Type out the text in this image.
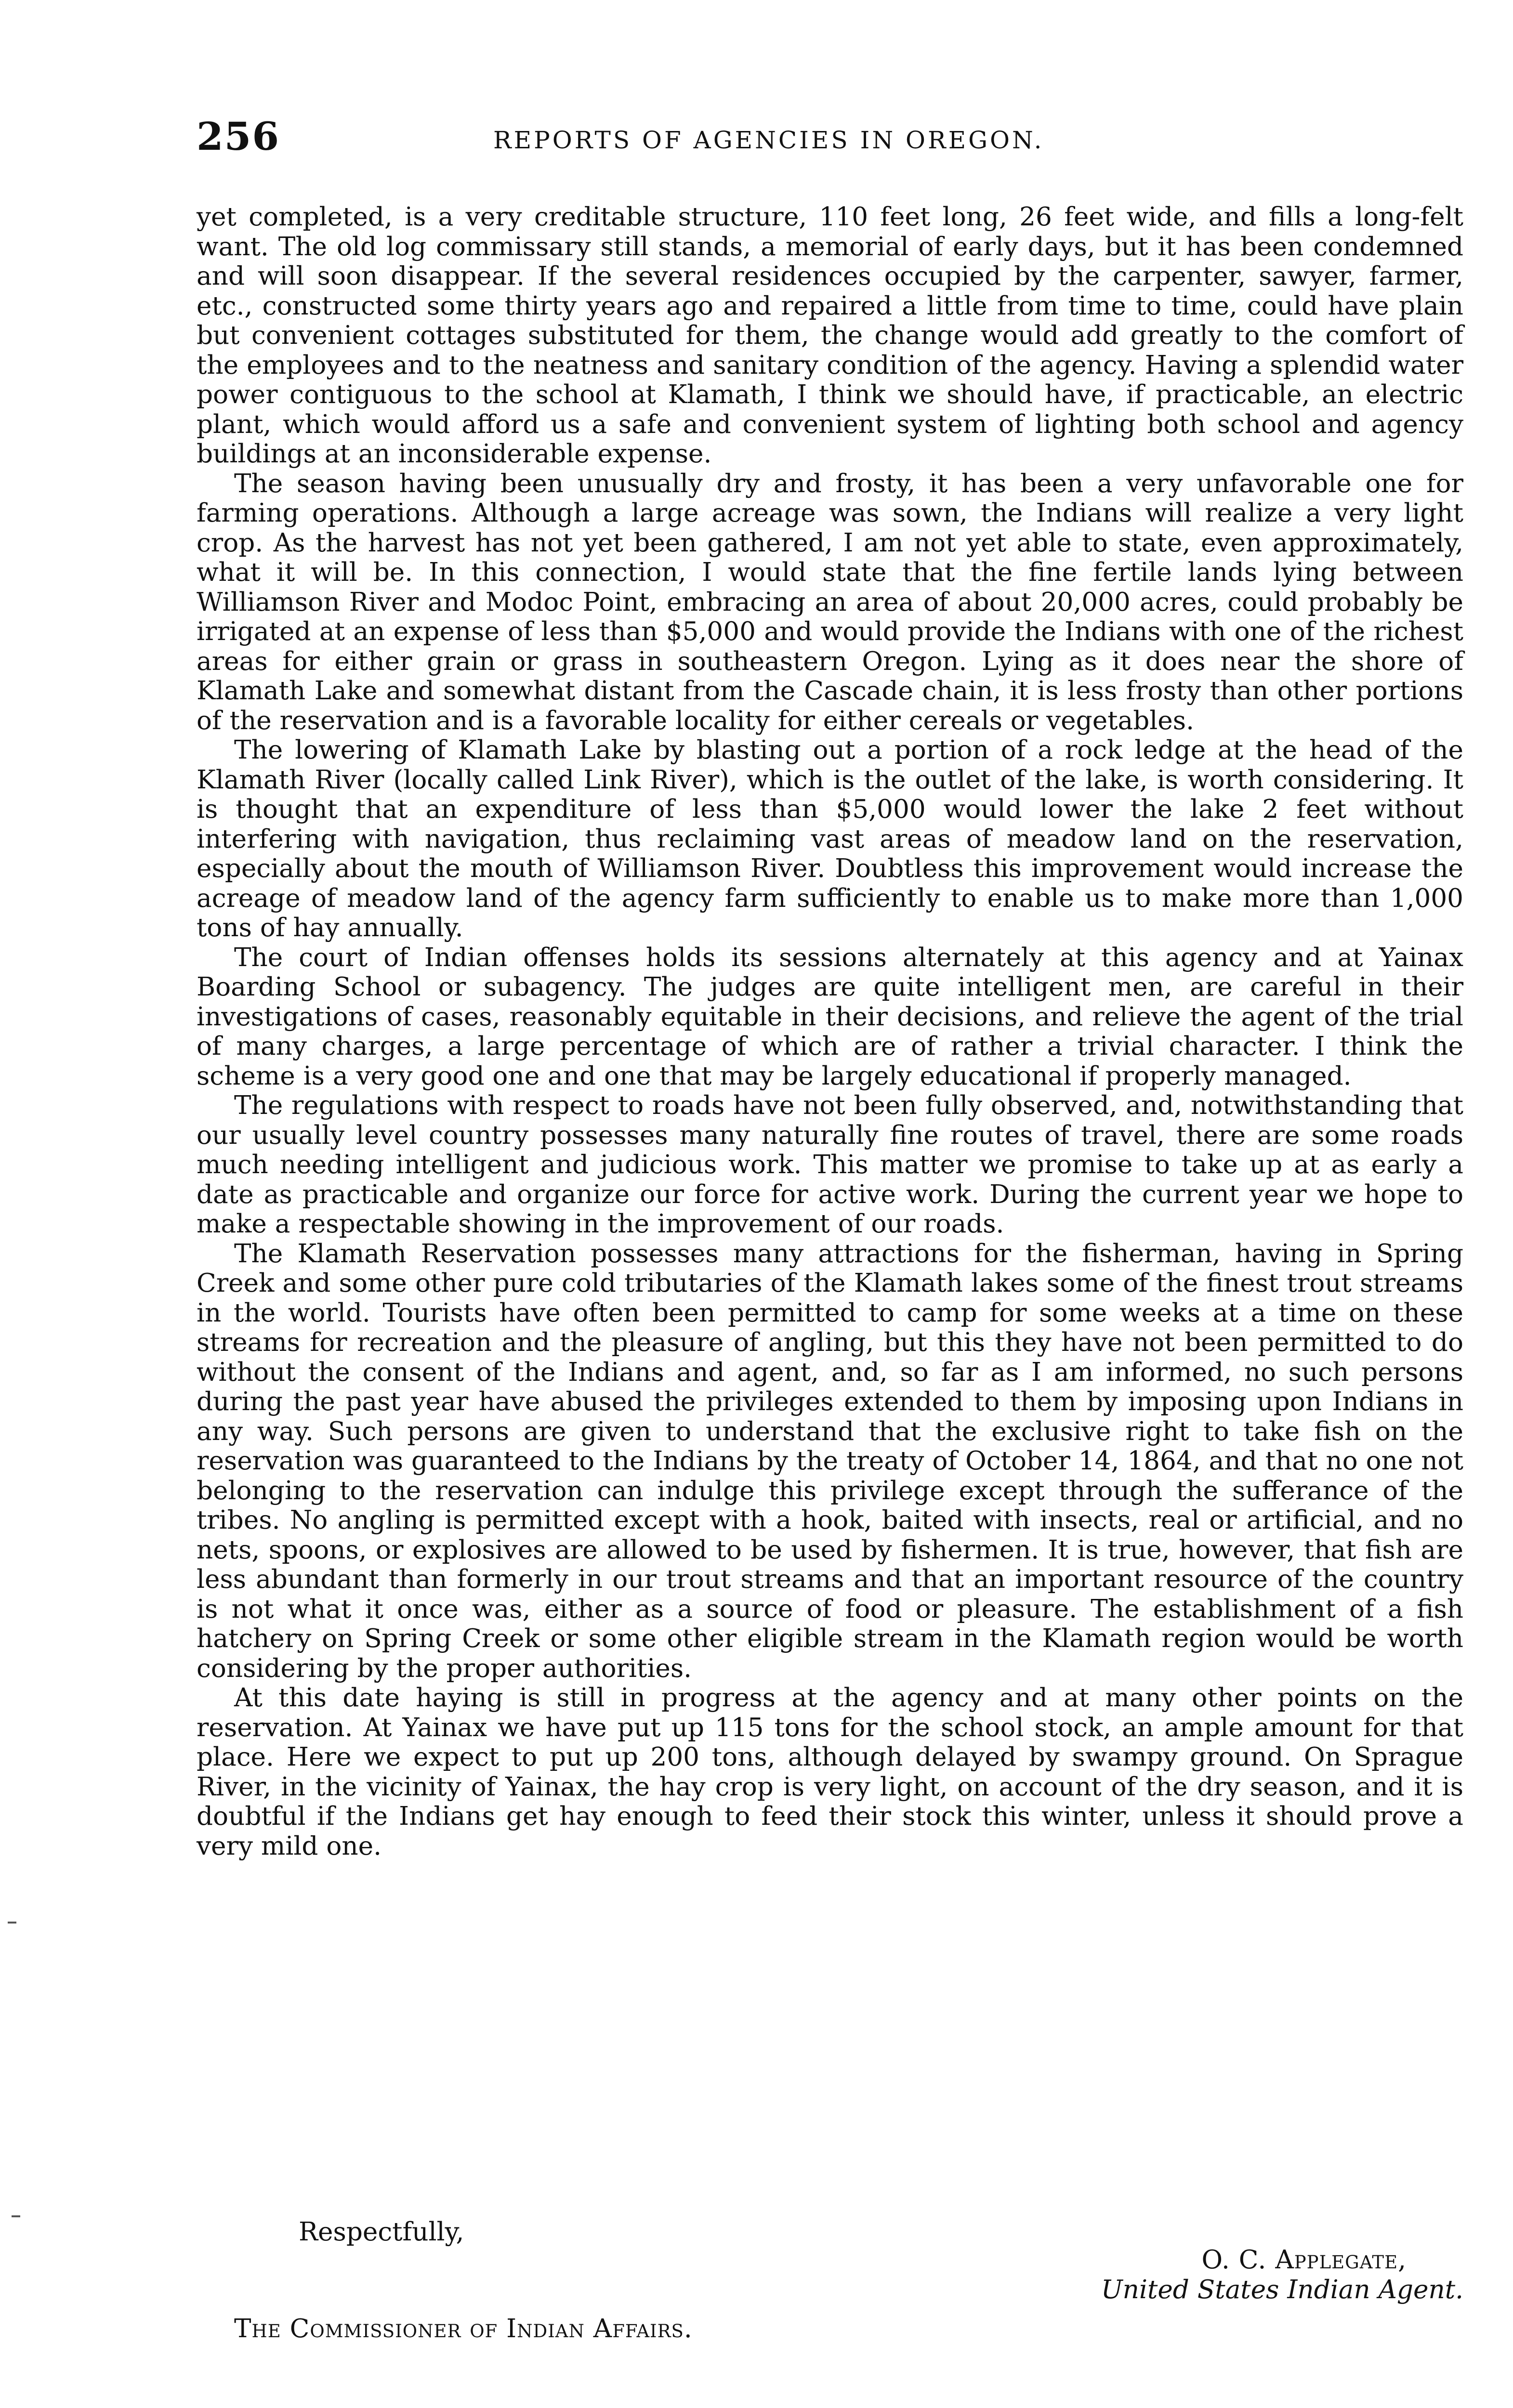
256	REPORTS OF AGENCIES IN OREGON.

yet completed, is a very creditable structure, 110 feet long, 26 feet wide, and fills a long-felt want. The old log commissary still stands, a memorial of early days, but it has been condemned and will soon disappear. If the several residences occupied by the carpenter, sawyer, farmer, etc., constructed some thirty years ago and repaired a little from time to time, could have plain but convenient cottages substituted for them, the change would add greatly to the comfort of the employees and to the neatness and sanitary condition of the agency. Having a splendid water power contiguous to the school at Klamath, I think we should have, if practicable, an electric plant, which would afford us a safe and convenient system of lighting both school and agency buildings at an inconsiderable expense.

The season having been unusually dry and frosty, it has been a very unfavorable one for farming operations. Although a large acreage was sown, the Indians will realize a very light crop. As the harvest has not yet been gathered, I am not yet able to state, even approximately, what it will be. In this connection, I would state that the fine fertile lands lying between Williamson River and Modoc Point, embracing an area of about 20,000 acres, could probably be irrigated at an expense of less than $5,000 and would provide the Indians with one of the richest areas for either grain or grass in southeastern Oregon. Lying as it does near the shore of Klamath Lake and somewhat distant from the Cascade chain, it is less frosty than other portions of the reservation and is a favorable locality for either cereals or vegetables.

The lowering of Klamath Lake by blasting out a portion of a rock ledge at the head of the Klamath River (locally called Link River), which is the outlet of the lake, is worth considering. It is thought that an expenditure of less than $5,000 would lower the lake 2 feet without interfering with navigation, thus reclaiming vast areas of meadow land on the reservation, especially about the mouth of Williamson River. Doubtless this improvement would increase the acreage of meadow land of the agency farm sufficiently to enable us to make more than 1,000 tons of hay annually.

The court of Indian offenses holds its sessions alternately at this agency and at Yainax Boarding School or subagency. The judges are quite intelligent men, are careful in their investigations of cases, reasonably equitable in their decisions, and relieve the agent of the trial of many charges, a large percentage of which are of rather a trivial character. I think the scheme is a very good one and one that may be largely educational if properly managed.

The regulations with respect to roads have not been fully observed, and, notwithstanding that our usually level country possesses many naturally fine routes of travel, there are some roads much needing intelligent and judicious work. This matter we promise to take up at as early a date as practicable and organize our force for active work. During the current year we hope to make a respectable showing in the improvement of our roads.

The Klamath Reservation possesses many attractions for the fisherman, having in Spring Creek and some other pure cold tributaries of the Klamath lakes some of the finest trout streams in the world. Tourists have often been permitted to camp for some weeks at a time on these streams for recreation and the pleasure of angling, but this they have not been permitted to do without the consent of the Indians and agent, and, so far as I am informed, no such persons during the past year have abused the privileges extended to them by imposing upon Indians in any way. Such persons are given to understand that the exclusive right to take fish on the reservation was guaranteed to the Indians by the treaty of October 14, 1864, and that no one not belonging to the reservation can indulge this privilege except through the sufferance of the tribes. No angling is permitted except with a hook, baited with insects, real or artificial, and no nets, spoons, or explosives are allowed to be used by fishermen. It is true, however, that fish are less abundant than formerly in our trout streams and that an important resource of the country is not what it once was, either as a source of food or pleasure. The establishment of a fish hatchery on Spring Creek or some other eligible stream in the Klamath region would be worth considering by the proper authorities.

At this date haying is still in progress at the agency and at many other points on the reservation. At Yainax we have put up 115 tons for the school stock, an ample amount for that place. Here we expect to put up 200 tons, although delayed by swampy ground. On Sprague River, in the vicinity of Yainax, the hay crop is very light, on account of the dry season, and it is doubtful if the Indians get hay enough to feed their stock this winter, unless it should prove a very mild one.

Respectfully,
O. C. Applegate,
United States Indian Agent.
The Commissioner of Indian Affairs.
